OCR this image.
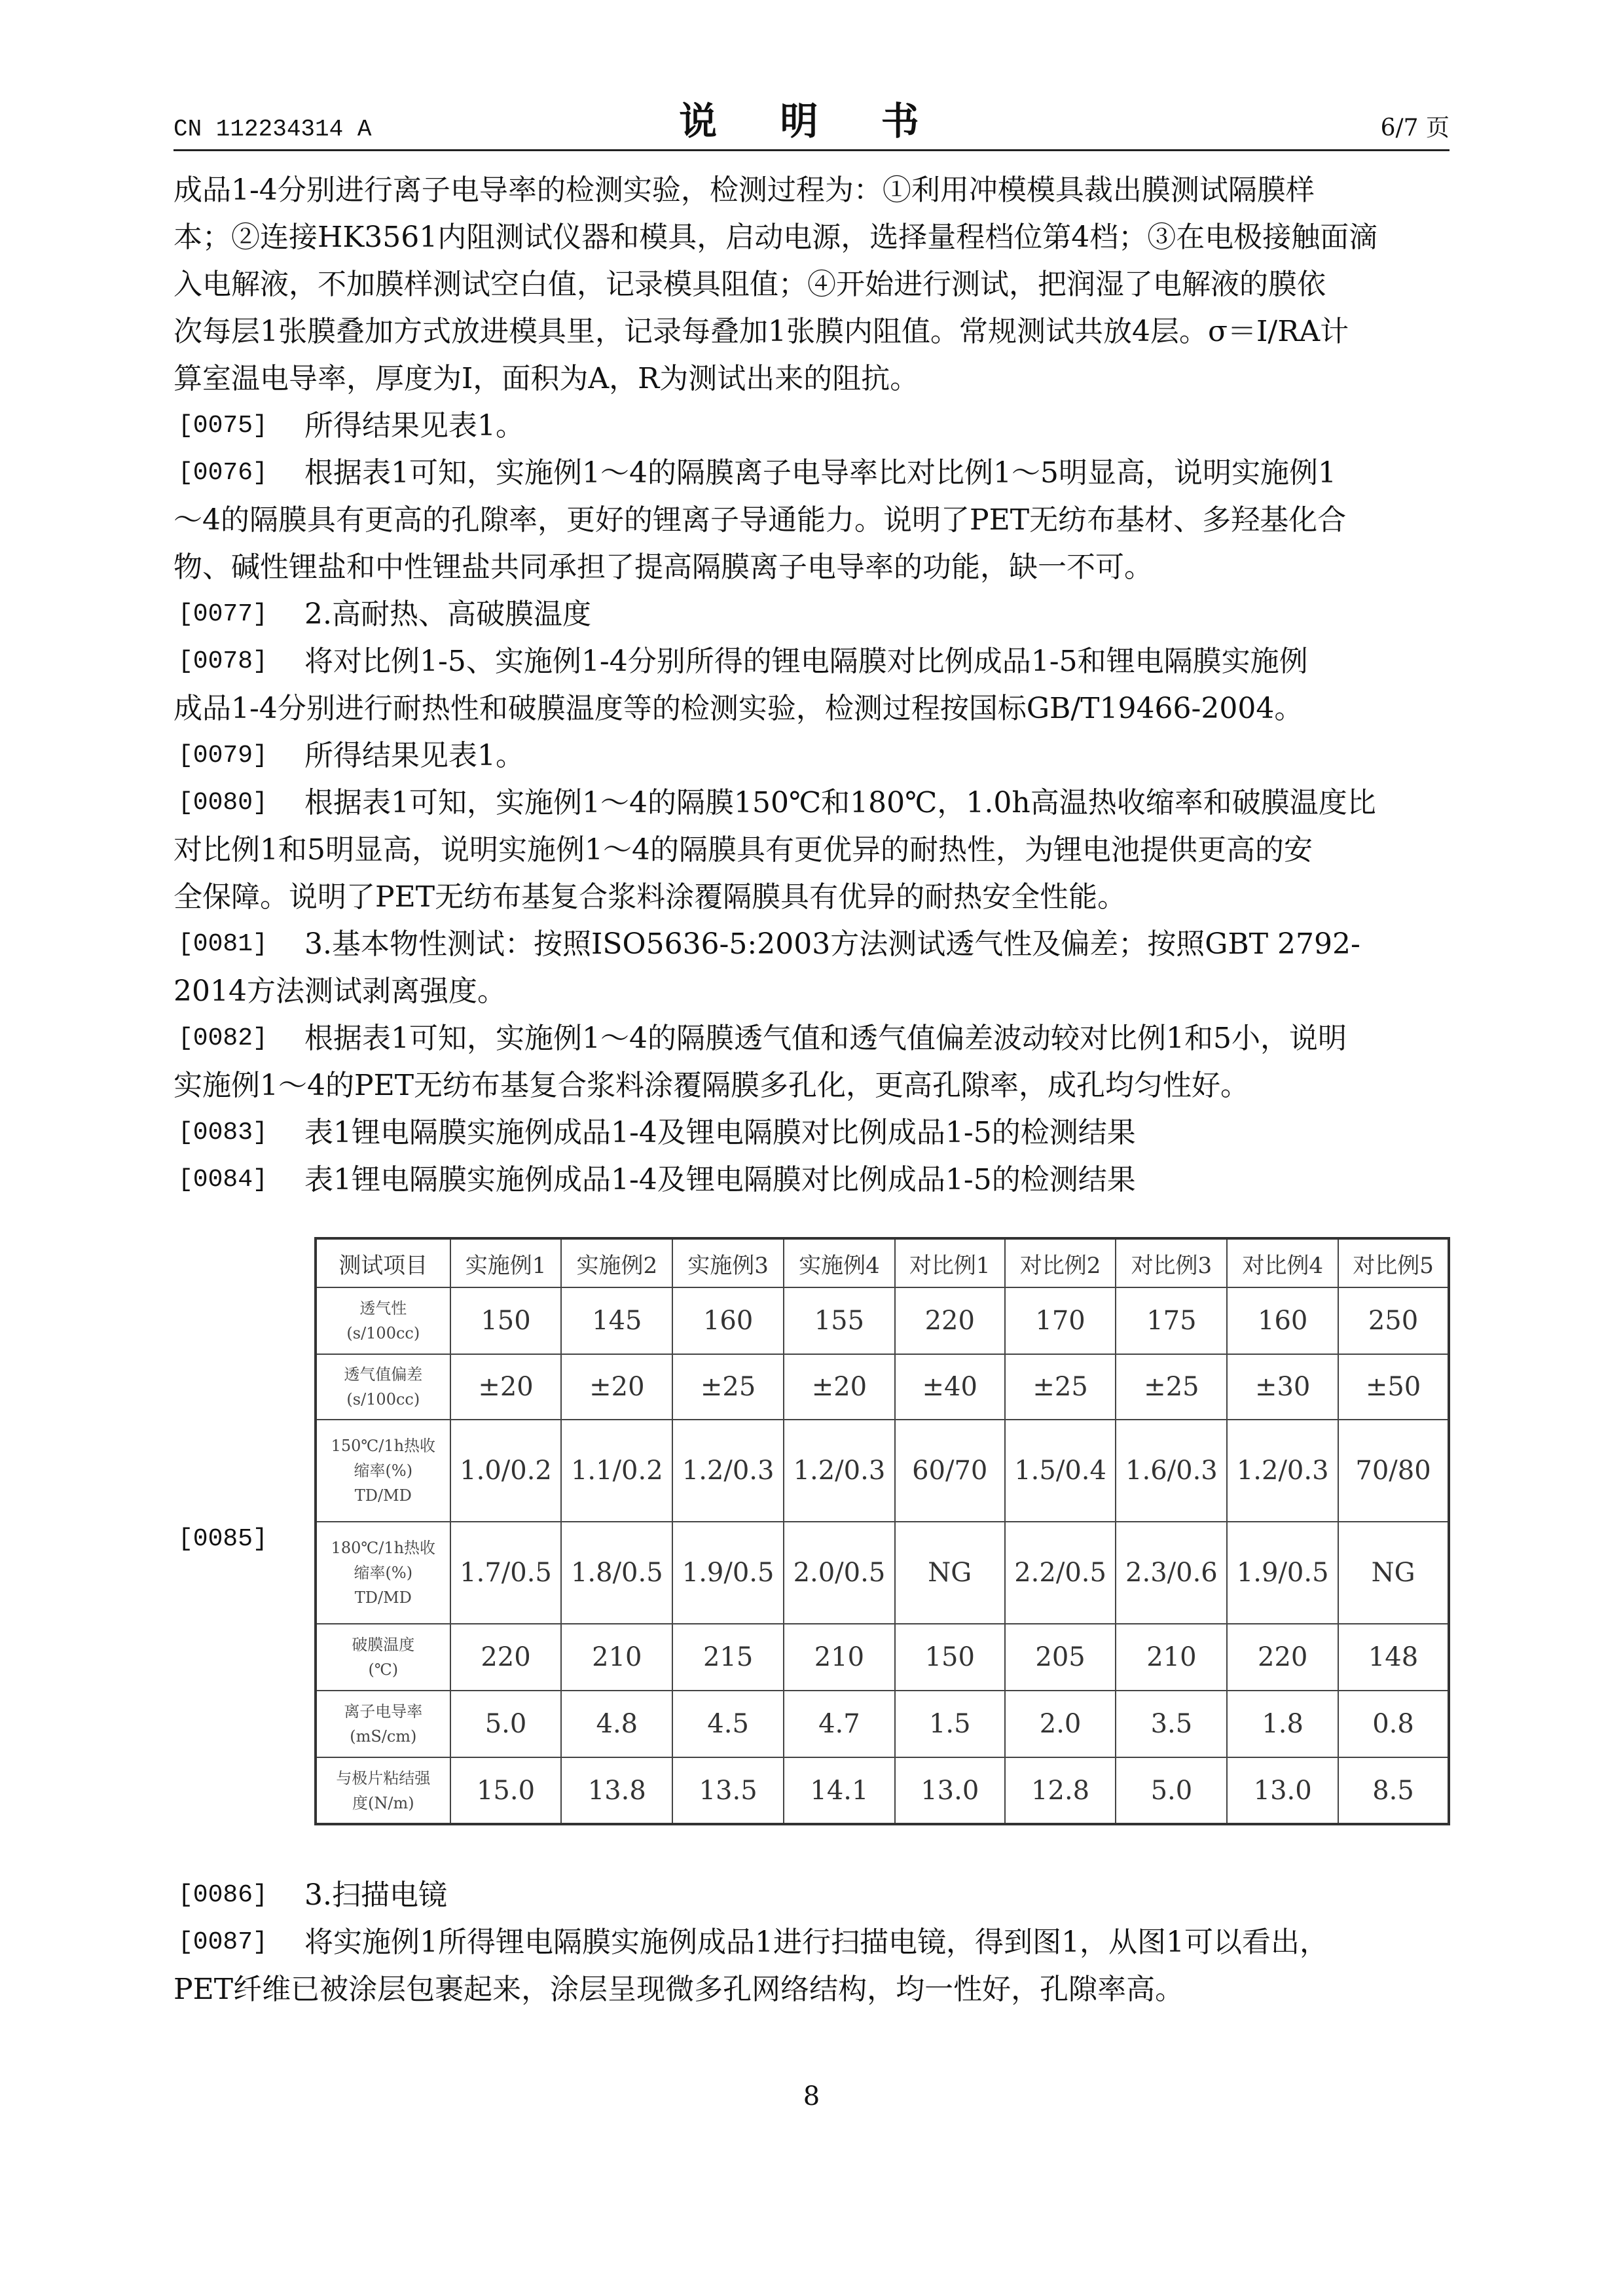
CN 112234314 A	说 明 书	6/7 页
成品1-4分别进行离子电导率的检测实验，检测过程为：①利用冲模模具裁出膜测试隔膜样
本；②连接HK3561内阻测试仪器和模具，启动电源，选择量程档位第4档；③在电极接触面滴
入电解液，不加膜样测试空白值，记录模具阻值；④开始进行测试，把润湿了电解液的膜依
次每层1张膜叠加方式放进模具里，记录每叠加1张膜内阻值。常规测试共放4层。σ＝I/RA计
算室温电导率，厚度为I，面积为A，R为测试出来的阻抗。
[0075]	所得结果见表1。
[0076]	根据表1可知，实施例1～4的隔膜离子电导率比对比例1～5明显高，说明实施例1
～4的隔膜具有更高的孔隙率，更好的锂离子导通能力。说明了PET无纺布基材、多羟基化合
物、碱性锂盐和中性锂盐共同承担了提高隔膜离子电导率的功能，缺一不可。
[0077]	2.高耐热、高破膜温度
[0078]	将对比例1-5、实施例1-4分别所得的锂电隔膜对比例成品1-5和锂电隔膜实施例
成品1-4分别进行耐热性和破膜温度等的检测实验，检测过程按国标GB/T19466-2004。
[0079]	所得结果见表1。
[0080]	根据表1可知，实施例1～4的隔膜150℃和180℃，1.0h高温热收缩率和破膜温度比
对比例1和5明显高，说明实施例1～4的隔膜具有更优异的耐热性，为锂电池提供更高的安
全保障。说明了PET无纺布基复合浆料涂覆隔膜具有优异的耐热安全性能。
[0081]	3.基本物性测试：按照ISO5636-5:2003方法测试透气性及偏差；按照GBT 2792-
2014方法测试剥离强度。
[0082]	根据表1可知，实施例1～4的隔膜透气值和透气值偏差波动较对比例1和5小，说明
实施例1～4的PET无纺布基复合浆料涂覆隔膜多孔化，更高孔隙率，成孔均匀性好。
[0083]	表1锂电隔膜实施例成品1-4及锂电隔膜对比例成品1-5的检测结果
[0084]	表1锂电隔膜实施例成品1-4及锂电隔膜对比例成品1-5的检测结果
[0085]
测试项目	实施例1	实施例2	实施例3	实施例4	对比例1	对比例2	对比例3	对比例4	对比例5

透气性
(s/100cc)	150	145	160	155	220	170	175	160	250

透气值偏差
(s/100cc)	±20	±20	±25	±20	±40	±25	±25	±30	±50

150℃/1h热收
缩率(%)
TD/MD	1.0/0.2	1.1/0.2	1.2/0.3	1.2/0.3	60/70	1.5/0.4	1.6/0.3	1.2/0.3	70/80

180℃/1h热收
缩率(%)
TD/MD	1.7/0.5	1.8/0.5	1.9/0.5	2.0/0.5	NG	2.2/0.5	2.3/0.6	1.9/0.5	NG

破膜温度
(℃)	220	210	215	210	150	205	210	220	148

离子电导率
(mS/cm)	5.0	4.8	4.5	4.7	1.5	2.0	3.5	1.8	0.8

与极片粘结强
度(N/m)	15.0	13.8	13.5	14.1	13.0	12.8	5.0	13.0	8.5
[0086]	3.扫描电镜
[0087]	将实施例1所得锂电隔膜实施例成品1进行扫描电镜，得到图1，从图1可以看出，
PET纤维已被涂层包裹起来，涂层呈现微多孔网络结构，均一性好，孔隙率高。
8
